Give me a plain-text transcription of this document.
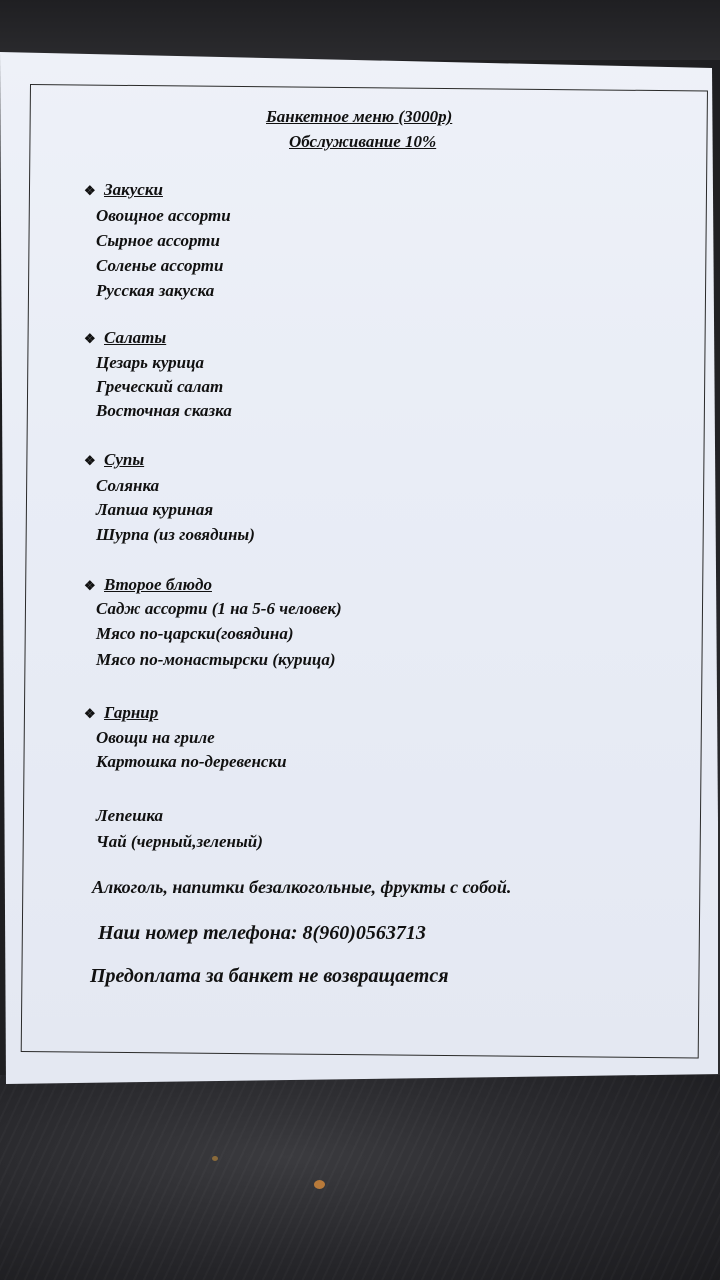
Банкетное меню (3000р)
Обслуживание 10%
❖ Закуски
Овощное ассорти
Сырное ассорти
Соленье ассорти
Русская закуска
❖ Салаты
Цезарь курица
Греческий салат
Восточная сказка
❖ Супы
Солянка
Лапша куриная
Шурпа (из говядины)
❖ Второе блюдо
Садж ассорти (1 на 5-6 человек)
Мясо по-царски(говядина)
Мясо по-монастырски (курица)
❖ Гарнир
Овощи на гриле
Картошка по-деревенски
Лепешка
Чай (черный,зеленый)
Алкоголь, напитки безалкогольные, фрукты с собой.
Наш номер телефона: 8(960)0563713
Предоплата за банкет не возвращается
